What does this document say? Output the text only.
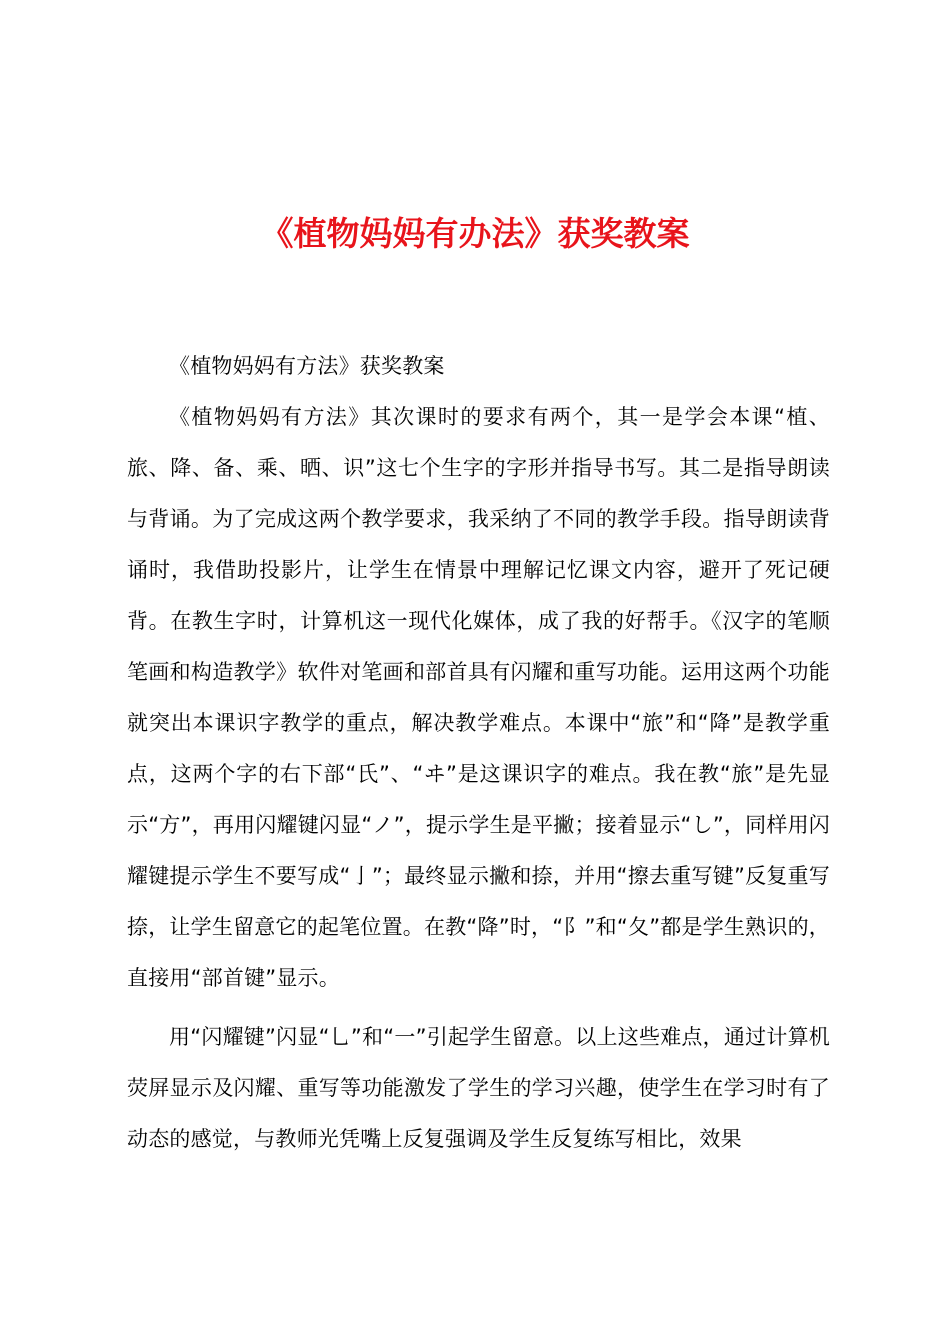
《植物妈妈有办法》获奖教案

《植物妈妈有方法》获奖教案

《植物妈妈有方法》其次课时的要求有两个，其一是学会本课“植、旅、降、备、乘、晒、识”这七个生字的字形并指导书写。其二是指导朗读与背诵。为了完成这两个教学要求，我采纳了不同的教学手段。指导朗读背诵时，我借助投影片，让学生在情景中理解记忆课文内容，避开了死记硬背。在教生字时，计算机这一现代化媒体，成了我的好帮手。《汉字的笔顺笔画和构造教学》软件对笔画和部首具有闪耀和重写功能。运用这两个功能就突出本课识字教学的重点，解决教学难点。本课中“旅”和“降”是教学重点，这两个字的右下部“氏”、“ヰ”是这课识字的难点。我在教“旅”是先显示“方”，再用闪耀键闪显“ノ”，提示学生是平撇；接着显示“し”，同样用闪耀键提示学生不要写成“亅”；最终显示撇和捺，并用“擦去重写键”反复重写捺，让学生留意它的起笔位置。在教“降”时，“阝”和“夂”都是学生熟识的，直接用“部首键”显示。

用“闪耀键”闪显“乚”和“一”引起学生留意。以上这些难点，通过计算机荧屏显示及闪耀、重写等功能激发了学生的学习兴趣，使学生在学习时有了动态的感觉，与教师光凭嘴上反复强调及学生反复练写相比，效果
